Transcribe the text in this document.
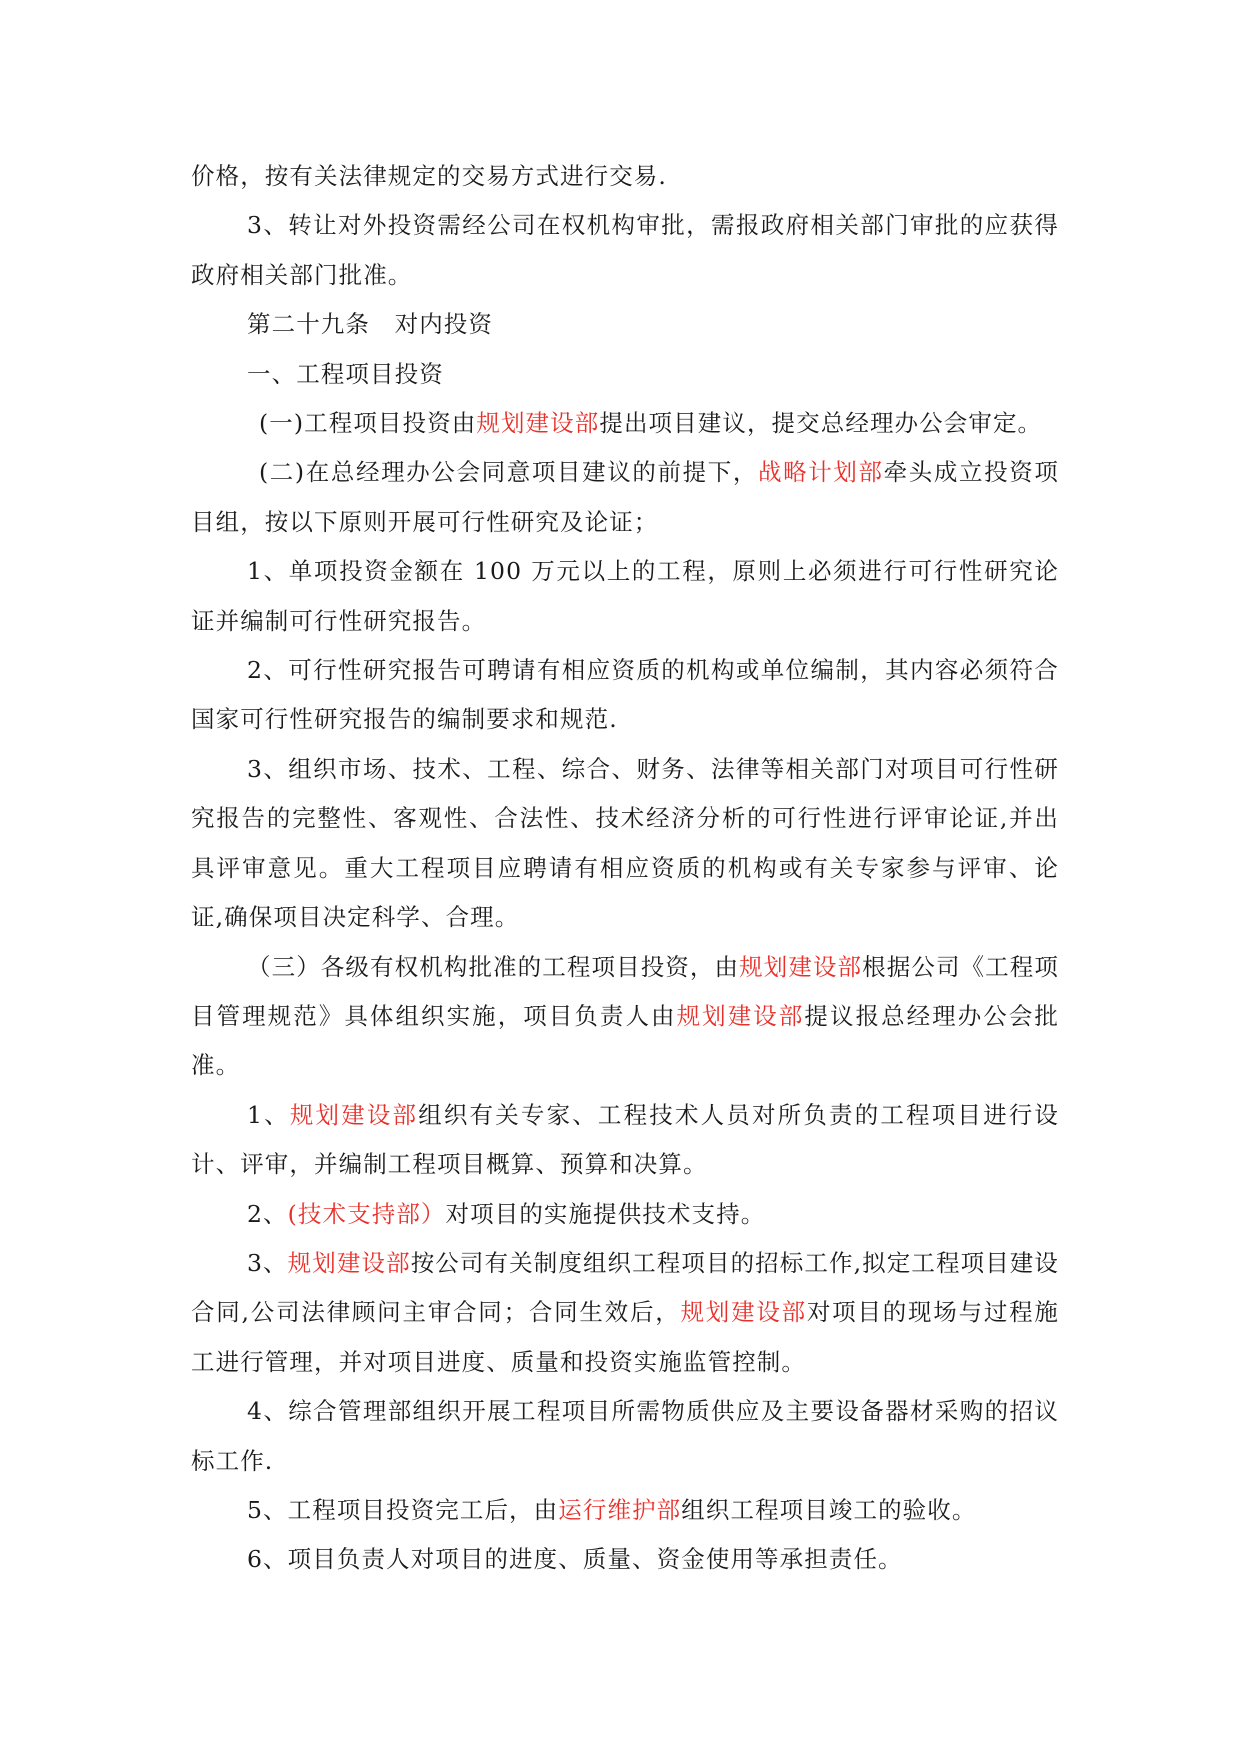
价格，按有关法律规定的交易方式进行交易.

3、转让对外投资需经公司在权机构审批，需报政府相关部门审批的应获得政府相关部门批准。

第二十九条　对内投资

一、工程项目投资

(一)工程项目投资由规划建设部提出项目建议，提交总经理办公会审定。

(二)在总经理办公会同意项目建议的前提下，战略计划部牵头成立投资项目组，按以下原则开展可行性研究及论证；

1、单项投资金额在 100 万元以上的工程，原则上必须进行可行性研究论证并编制可行性研究报告。

2、可行性研究报告可聘请有相应资质的机构或单位编制，其内容必须符合国家可行性研究报告的编制要求和规范.

3、组织市场、技术、工程、综合、财务、法律等相关部门对项目可行性研究报告的完整性、客观性、合法性、技术经济分析的可行性进行评审论证,并出具评审意见。重大工程项目应聘请有相应资质的机构或有关专家参与评审、论证,确保项目决定科学、合理。

（三）各级有权机构批准的工程项目投资，由规划建设部根据公司《工程项目管理规范》具体组织实施，项目负责人由规划建设部提议报总经理办公会批准。

1、规划建设部组织有关专家、工程技术人员对所负责的工程项目进行设计、评审，并编制工程项目概算、预算和决算。

2、(技术支持部）对项目的实施提供技术支持。

3、规划建设部按公司有关制度组织工程项目的招标工作,拟定工程项目建设合同,公司法律顾问主审合同；合同生效后，规划建设部对项目的现场与过程施工进行管理，并对项目进度、质量和投资实施监管控制。

4、综合管理部组织开展工程项目所需物质供应及主要设备器材采购的招议标工作.

5、工程项目投资完工后，由运行维护部组织工程项目竣工的验收。

6、项目负责人对项目的进度、质量、资金使用等承担责任。
